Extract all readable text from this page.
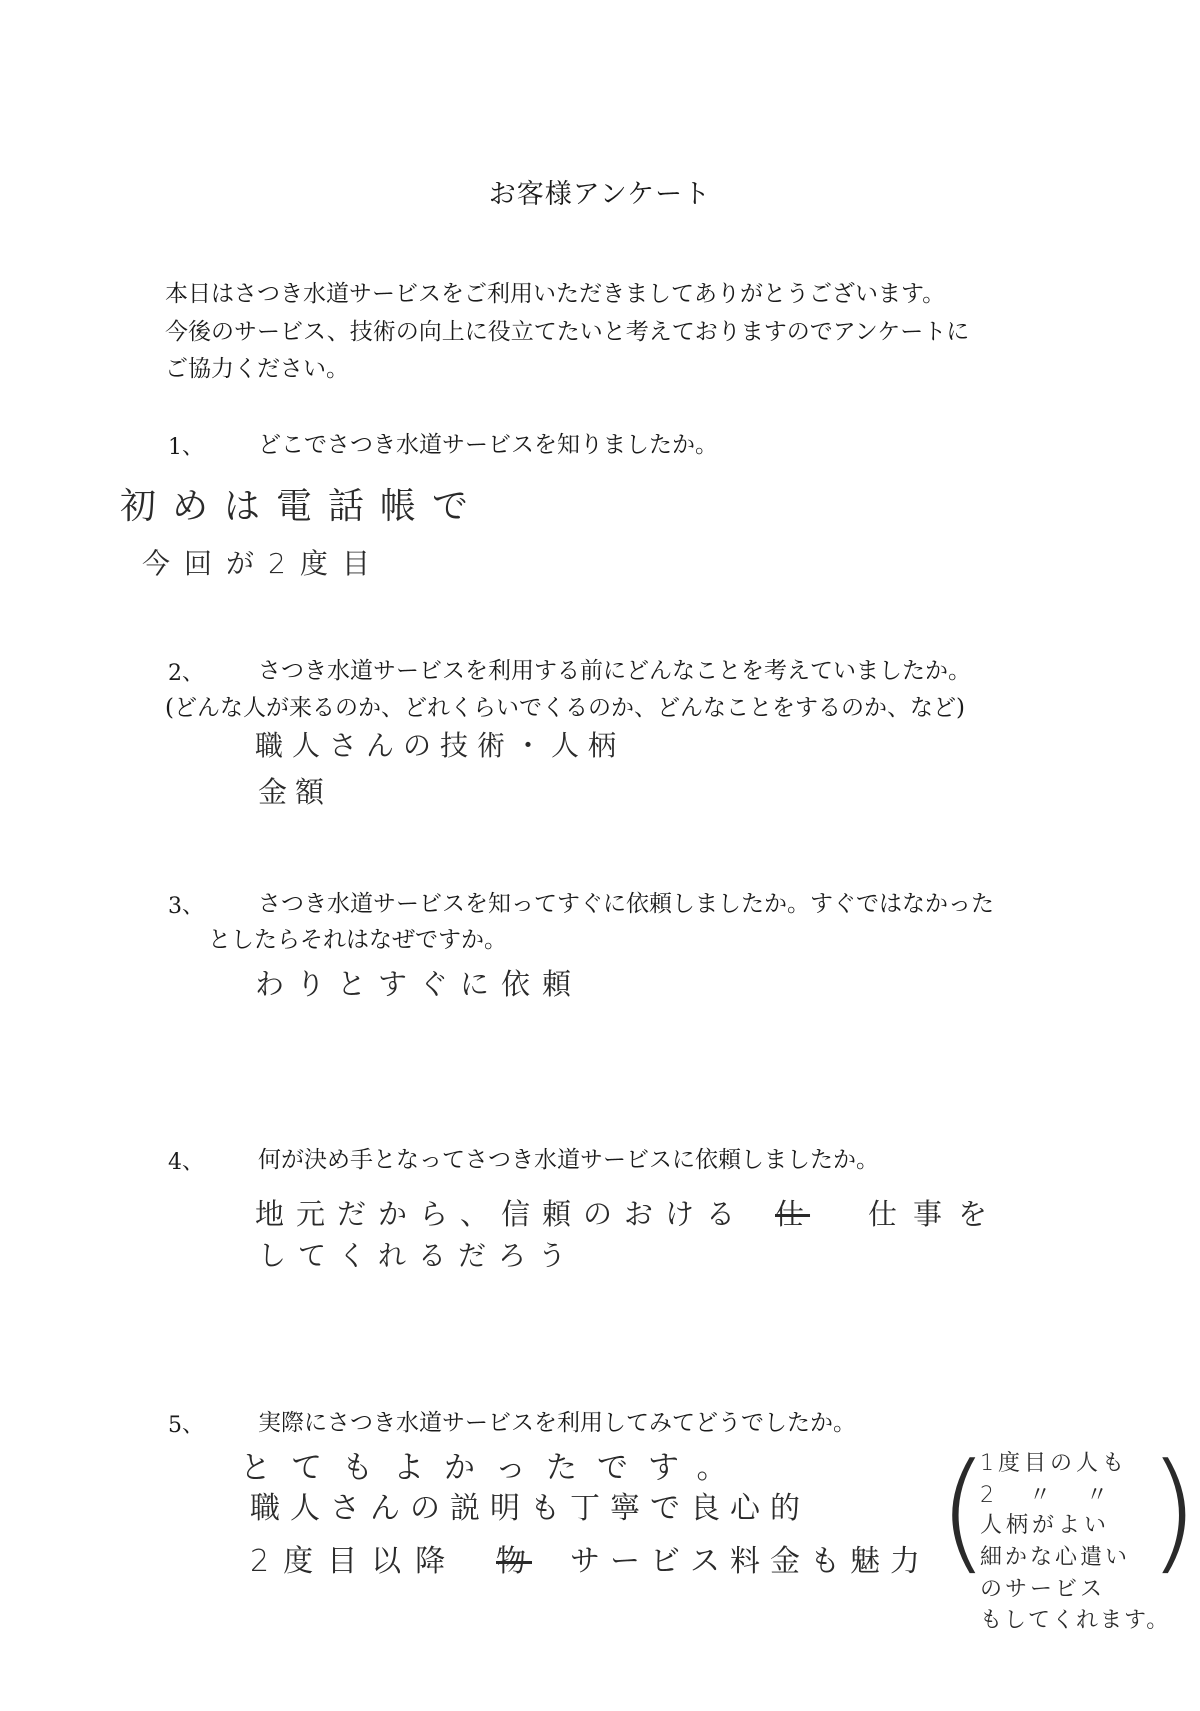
お客様アンケート
本日はさつき水道サービスをご利用いただきましてありがとうございます。
今後のサービス、技術の向上に役立てたいと考えておりますのでアンケートに
ご協力ください。
1、 どこでさつき水道サービスを知りましたか。
初めは電話帳で
今回が2度目
2、 さつき水道サービスを利用する前にどんなことを考えていましたか。
(どんな人が来るのか、どれくらいでくるのか、どんなことをするのか、など)
職人さんの技術・人柄
金額
3、 さつき水道サービスを知ってすぐに依頼しましたか。すぐではなかった
としたらそれはなぜですか。
わりとすぐに依頼
4、 何が決め手となってさつき水道サービスに依頼しましたか。
地元だから、信頼のおける 仕 仕事を
してくれるだろう
5、 実際にさつき水道サービスを利用してみてどうでしたか。
とてもよかったです。
職人さんの説明も丁寧で良心的
2度目以降 物 サービス料金も魅力 ( )
1度目の人も
2 〃 〃
人柄がよい
細かな心遣い
のサービス
もしてくれます。
